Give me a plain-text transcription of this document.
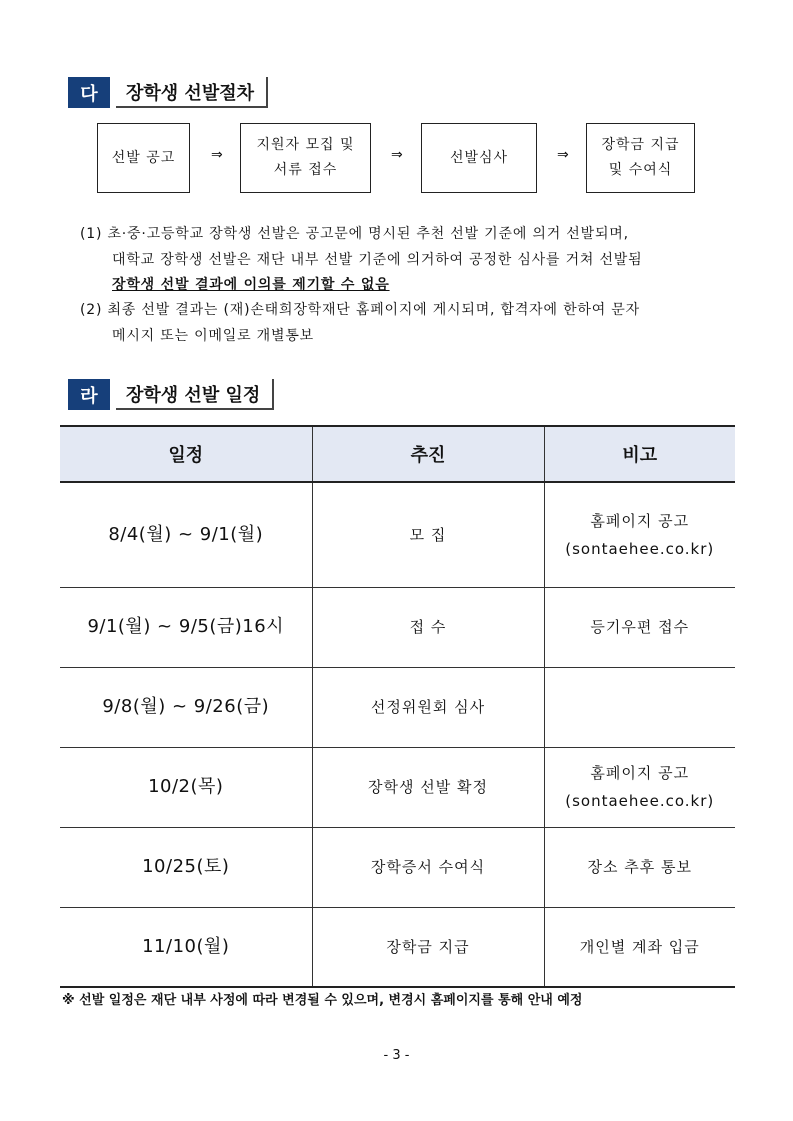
다	장학생 선발절차
선발 공고	⇒
지원자 모집 및
서류 접수
⇒	선발심사	⇒
장학금 지급
및 수여식
(1) 초·중·고등학교 장학생 선발은 공고문에 명시된 추천 선발 기준에 의거 선발되며,
대학교 장학생 선발은 재단 내부 선발 기준에 의거하여 공정한 심사를 거쳐 선발됨
장학생 선발 결과에 이의를 제기할 수 없음
(2) 최종 선발 결과는 (재)손태희장학재단 홈페이지에 게시되며, 합격자에 한하여 문자
메시지 또는 이메일로 개별통보
라	장학생 선발 일정
일정	추진	비고
8/4(월) ~ 9/1(월)	모 집	홈페이지 공고
(sontaehee.co.kr)

9/1(월) ~ 9/5(금)16시	접 수	등기우편 접수

9/8(월) ~ 9/26(금)	선정위원회 심사	
10/2(목)	장학생 선발 확정	홈페이지 공고
(sontaehee.co.kr)

10/25(토)	장학증서 수여식	장소 추후 통보

11/10(월)	장학금 지급	개인별 계좌 입금
※ 선발 일정은 재단 내부 사정에 따라 변경될 수 있으며, 변경시 홈페이지를 통해 안내 예정
- 3 -
